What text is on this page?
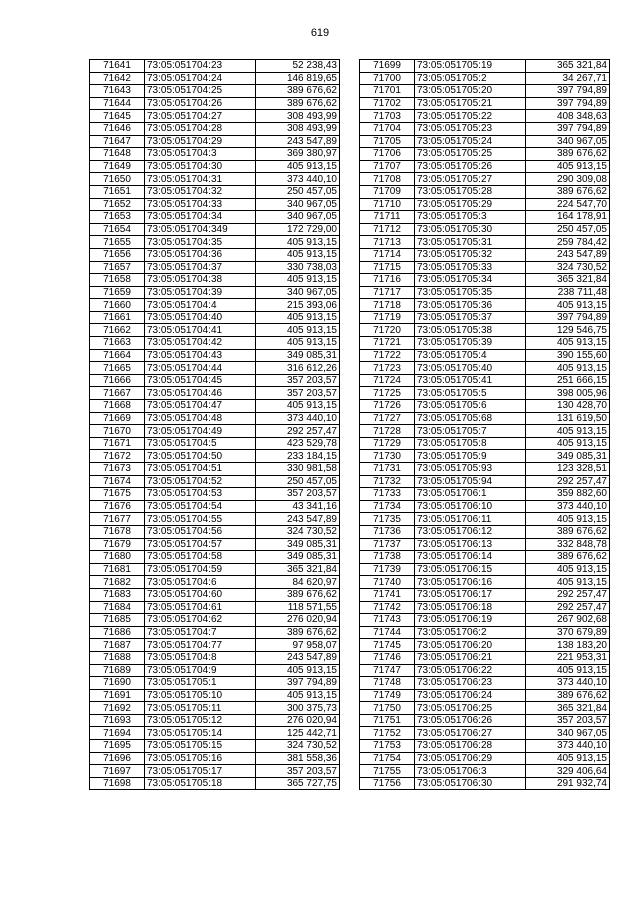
619
71641	73:05:051704:23	52 238,43
71642	73:05:051704:24	146 819,65
71643	73:05:051704:25	389 676,62
71644	73:05:051704:26	389 676,62
71645	73:05:051704:27	308 493,99
71646	73:05:051704:28	308 493,99
71647	73:05:051704:29	243 547,89
71648	73:05:051704:3	369 380,97
71649	73:05:051704:30	405 913,15
71650	73:05:051704:31	373 440,10
71651	73:05:051704:32	250 457,05
71652	73:05:051704:33	340 967,05
71653	73:05:051704:34	340 967,05
71654	73:05:051704:349	172 729,00
71655	73:05:051704:35	405 913,15
71656	73:05:051704:36	405 913,15
71657	73:05:051704:37	330 738,03
71658	73:05:051704:38	405 913,15
71659	73:05:051704:39	340 967,05
71660	73:05:051704:4	215 393,06
71661	73:05:051704:40	405 913,15
71662	73:05:051704:41	405 913,15
71663	73:05:051704:42	405 913,15
71664	73:05:051704:43	349 085,31
71665	73:05:051704:44	316 612,26
71666	73:05:051704:45	357 203,57
71667	73:05:051704:46	357 203,57
71668	73:05:051704:47	405 913,15
71669	73:05:051704:48	373 440,10
71670	73:05:051704:49	292 257,47
71671	73:05:051704:5	423 529,78
71672	73:05:051704:50	233 184,15
71673	73:05:051704:51	330 981,58
71674	73:05:051704:52	250 457,05
71675	73:05:051704:53	357 203,57
71676	73:05:051704:54	43 341,16
71677	73:05:051704:55	243 547,89
71678	73:05:051704:56	324 730,52
71679	73:05:051704:57	349 085,31
71680	73:05:051704:58	349 085,31
71681	73:05:051704:59	365 321,84
71682	73:05:051704:6	84 620,97
71683	73:05:051704:60	389 676,62
71684	73:05:051704:61	118 571,55
71685	73:05:051704:62	276 020,94
71686	73:05:051704:7	389 676,62
71687	73:05:051704:77	97 958,07
71688	73:05:051704:8	243 547,89
71689	73:05:051704:9	405 913,15
71690	73:05:051705:1	397 794,89
71691	73:05:051705:10	405 913,15
71692	73:05:051705:11	300 375,73
71693	73:05:051705:12	276 020,94
71694	73:05:051705:14	125 442,71
71695	73:05:051705:15	324 730,52
71696	73:05:051705:16	381 558,36
71697	73:05:051705:17	357 203,57
71698	73:05:051705:18	365 727,75
71699	73:05:051705:19	365 321,84
71700	73:05:051705:2	34 267,71
71701	73:05:051705:20	397 794,89
71702	73:05:051705:21	397 794,89
71703	73:05:051705:22	408 348,63
71704	73:05:051705:23	397 794,89
71705	73:05:051705:24	340 967,05
71706	73:05:051705:25	389 676,62
71707	73:05:051705:26	405 913,15
71708	73:05:051705:27	290 309,08
71709	73:05:051705:28	389 676,62
71710	73:05:051705:29	224 547,70
71711	73:05:051705:3	164 178,91
71712	73:05:051705:30	250 457,05
71713	73:05:051705:31	259 784,42
71714	73:05:051705:32	243 547,89
71715	73:05:051705:33	324 730,52
71716	73:05:051705:34	365 321,84
71717	73:05:051705:35	238 711,48
71718	73:05:051705:36	405 913,15
71719	73:05:051705:37	397 794,89
71720	73:05:051705:38	129 546,75
71721	73:05:051705:39	405 913,15
71722	73:05:051705:4	390 155,60
71723	73:05:051705:40	405 913,15
71724	73:05:051705:41	251 666,15
71725	73:05:051705:5	398 005,96
71726	73:05:051705:6	130 428,70
71727	73:05:051705:68	131 619,50
71728	73:05:051705:7	405 913,15
71729	73:05:051705:8	405 913,15
71730	73:05:051705:9	349 085,31
71731	73:05:051705:93	123 328,51
71732	73:05:051705:94	292 257,47
71733	73:05:051706:1	359 882,60
71734	73:05:051706:10	373 440,10
71735	73:05:051706:11	405 913,15
71736	73:05:051706:12	389 676,62
71737	73:05:051706:13	332 848,78
71738	73:05:051706:14	389 676,62
71739	73:05:051706:15	405 913,15
71740	73:05:051706:16	405 913,15
71741	73:05:051706:17	292 257,47
71742	73:05:051706:18	292 257,47
71743	73:05:051706:19	267 902,68
71744	73:05:051706:2	370 679,89
71745	73:05:051706:20	138 183,20
71746	73:05:051706:21	221 953,31
71747	73:05:051706:22	405 913,15
71748	73:05:051706:23	373 440,10
71749	73:05:051706:24	389 676,62
71750	73:05:051706:25	365 321,84
71751	73:05:051706:26	357 203,57
71752	73:05:051706:27	340 967,05
71753	73:05:051706:28	373 440,10
71754	73:05:051706:29	405 913,15
71755	73:05:051706:3	329 406,64
71756	73:05:051706:30	291 932,74
